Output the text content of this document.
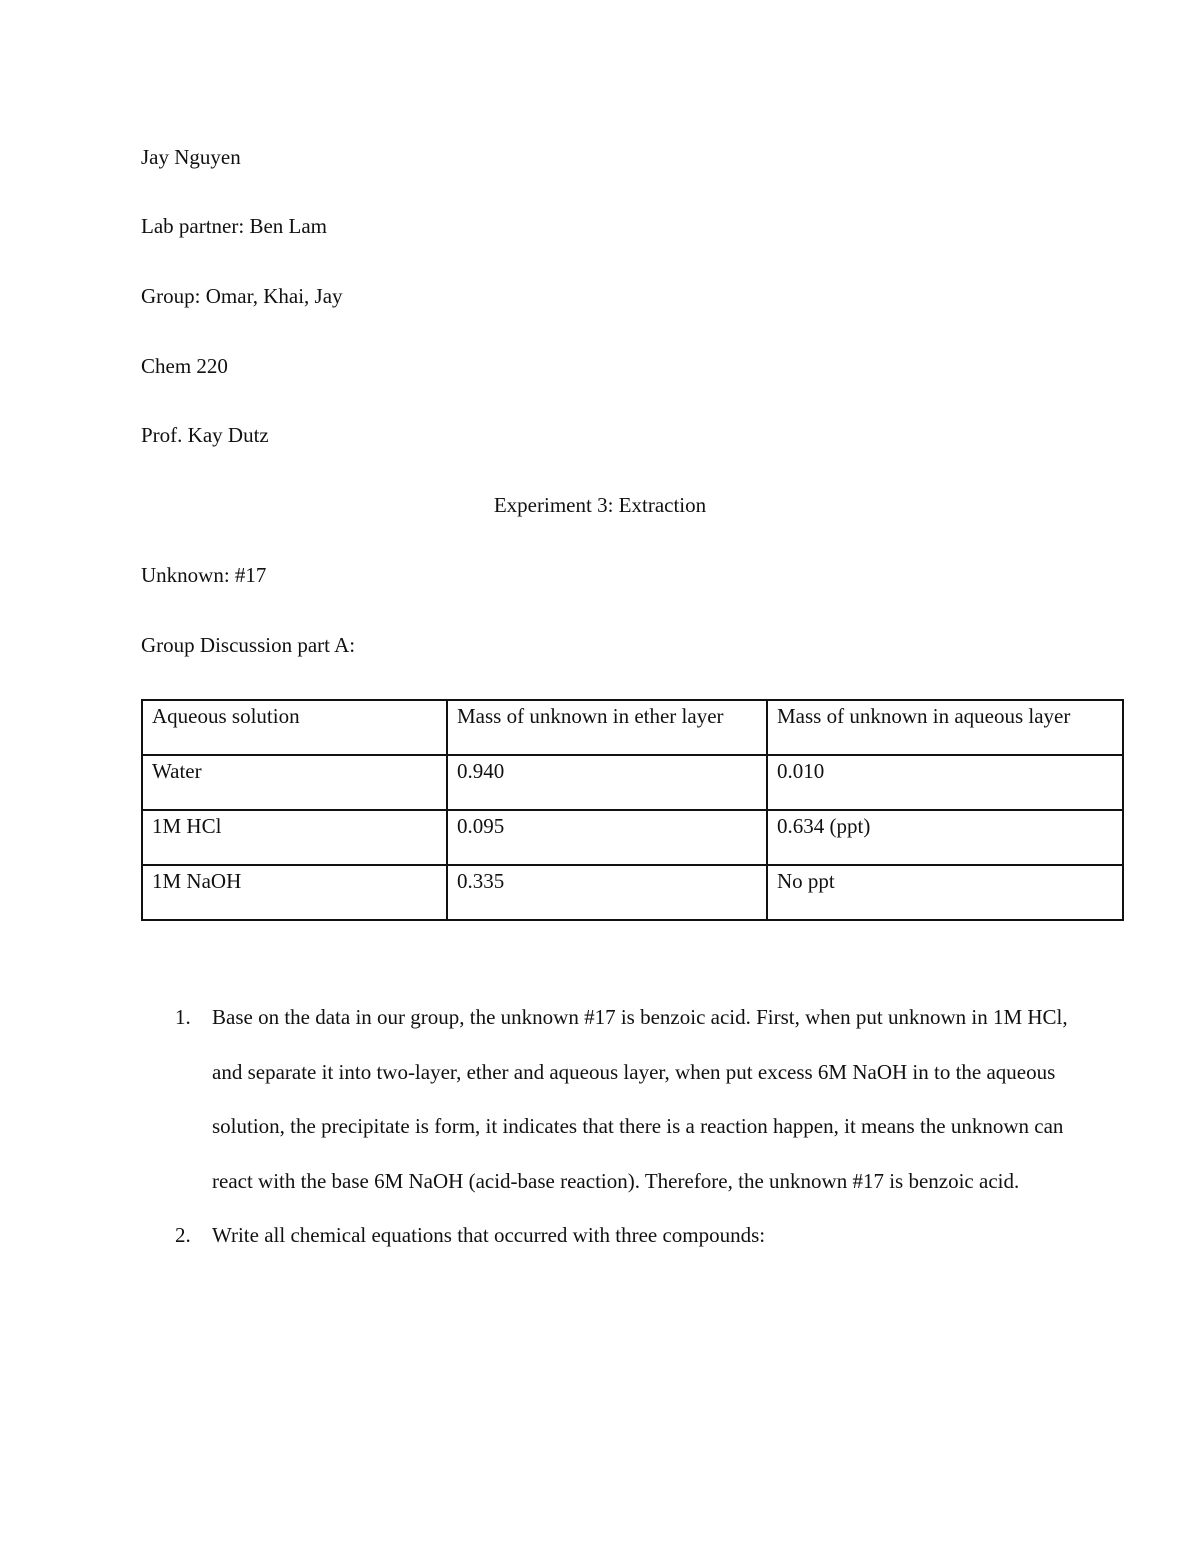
Jay Nguyen
Lab partner: Ben Lam
Group: Omar, Khai, Jay
Chem 220
Prof. Kay Dutz
Experiment 3: Extraction
Unknown: #17
Group Discussion part A:
Aqueous solution	Mass of unknown in ether layer	Mass of unknown in aqueous layer
Water	0.940	0.010
1M HCl	0.095	0.634 (ppt)
1M NaOH	0.335	No ppt
1. Base on the data in our group, the unknown #17 is benzoic acid. First, when put unknown in 1M HCl, and separate it into two-layer, ether and aqueous layer, when put excess 6M NaOH in to the aqueous solution, the precipitate is form, it indicates that there is a reaction happen, it means the unknown can react with the base 6M NaOH (acid-base reaction). Therefore, the unknown #17 is benzoic acid.
2. Write all chemical equations that occurred with three compounds:
